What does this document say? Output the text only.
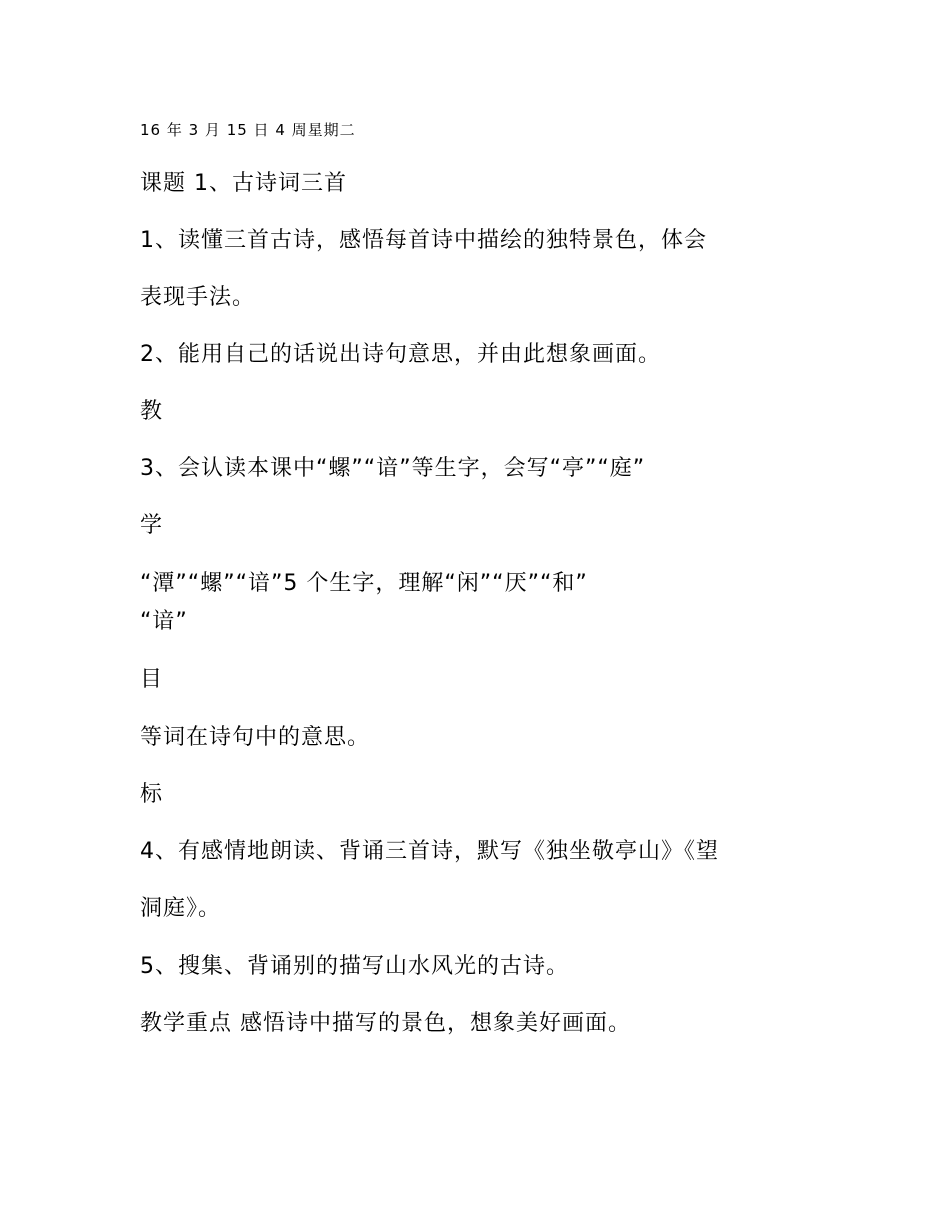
16 年 3 月 15 日 4 周星期二
课题 1、古诗词三首
1、读懂三首古诗，感悟每首诗中描绘的独特景色，体会
表现手法。
2、能用自己的话说出诗句意思，并由此想象画面。
教
3、会认读本课中“螺”“谙”等生字，会写“亭”“庭”
学
“潭”“螺”“谙”5 个生字，理解“闲”“厌”“和”
“谙”
目
等词在诗句中的意思。
标
4、有感情地朗读、背诵三首诗，默写《独坐敬亭山》《望
洞庭》。
5、搜集、背诵别的描写山水风光的古诗。
教学重点 感悟诗中描写的景色，想象美好画面。
